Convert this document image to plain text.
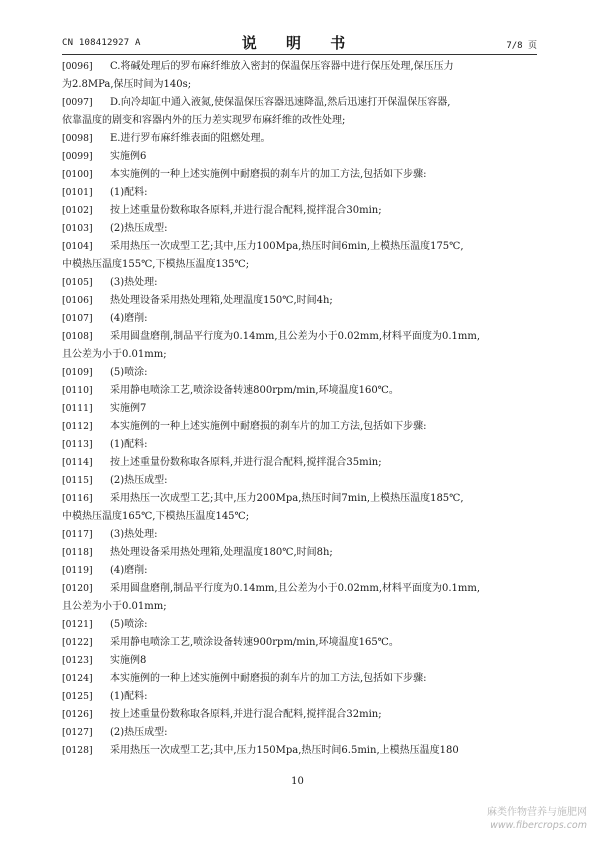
CN 108412927 A	说 明 书	7/8 页
[0096]	C.将碱处理后的罗布麻纤维放入密封的保温保压容器中进行保压处理,保压压力
为2.8MPa,保压时间为140s;
[0097]	D.向冷却缸中通入液氮,使保温保压容器迅速降温,然后迅速打开保温保压容器,
依靠温度的剧变和容器内外的压力差实现罗布麻纤维的改性处理;
[0098]	E.进行罗布麻纤维表面的阻燃处理。
[0099]	实施例6
[0100]	本实施例的一种上述实施例中耐磨损的刹车片的加工方法,包括如下步骤:
[0101]	(1)配料:
[0102]	按上述重量份数称取各原料,并进行混合配料,搅拌混合30min;
[0103]	(2)热压成型:
[0104]	采用热压一次成型工艺;其中,压力100Mpa,热压时间6min,上模热压温度175℃,
中模热压温度155℃,下模热压温度135℃;
[0105]	(3)热处理:
[0106]	热处理设备采用热处理箱,处理温度150℃,时间4h;
[0107]	(4)磨削:
[0108]	采用圆盘磨削,制品平行度为0.14mm,且公差为小于0.02mm,材料平面度为0.1mm,
且公差为小于0.01mm;
[0109]	(5)喷涂:
[0110]	采用静电喷涂工艺,喷涂设备转速800rpm/min,环境温度160℃。
[0111]	实施例7
[0112]	本实施例的一种上述实施例中耐磨损的刹车片的加工方法,包括如下步骤:
[0113]	(1)配料:
[0114]	按上述重量份数称取各原料,并进行混合配料,搅拌混合35min;
[0115]	(2)热压成型:
[0116]	采用热压一次成型工艺;其中,压力200Mpa,热压时间7min,上模热压温度185℃,
中模热压温度165℃,下模热压温度145℃;
[0117]	(3)热处理:
[0118]	热处理设备采用热处理箱,处理温度180℃,时间8h;
[0119]	(4)磨削:
[0120]	采用圆盘磨削,制品平行度为0.14mm,且公差为小于0.02mm,材料平面度为0.1mm,
且公差为小于0.01mm;
[0121]	(5)喷涂:
[0122]	采用静电喷涂工艺,喷涂设备转速900rpm/min,环境温度165℃。
[0123]	实施例8
[0124]	本实施例的一种上述实施例中耐磨损的刹车片的加工方法,包括如下步骤:
[0125]	(1)配料:
[0126]	按上述重量份数称取各原料,并进行混合配料,搅拌混合32min;
[0127]	(2)热压成型:
[0128]	采用热压一次成型工艺;其中,压力150Mpa,热压时间6.5min,上模热压温度180
10
麻类作物营养与施肥网
www.fibercrops.com
